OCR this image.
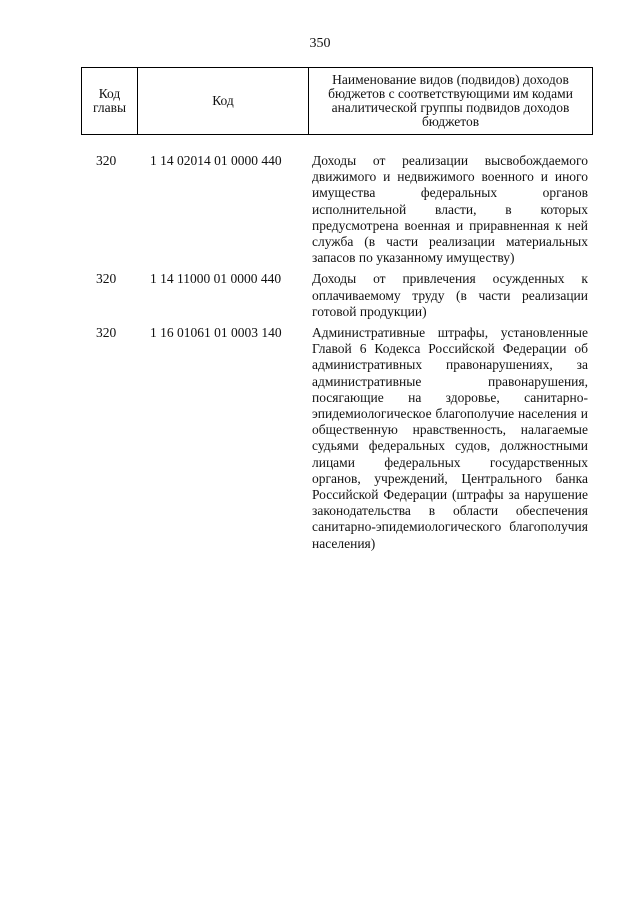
350
Код главы	Код	Наименование видов (подвидов) доходов бюджетов с соответствующими им кодами аналитической группы подвидов доходов бюджетов
320	1 14 02014 01 0000 440	Доходы от реализации высвобождаемого движимого и недвижимого военного и иного имущества федеральных органов исполнительной власти, в которых предусмотрена военная и приравненная к ней служба (в части реализации материальных запасов по указанному имуществу)
320	1 14 11000 01 0000 440	Доходы от привлечения осужденных к оплачиваемому труду (в части реализации готовой продукции)
320	1 16 01061 01 0003 140	Административные штрафы, установленные Главой 6 Кодекса Российской Федерации об административных правонарушениях, за административные правонарушения, посягающие на здоровье, санитарно-эпидемиологическое благополучие населения и общественную нравственность, налагаемые судьями федеральных судов, должностными лицами федеральных государственных органов, учреждений, Центрального банка Российской Федерации (штрафы за нарушение законодательства в области обеспечения санитарно-эпидемиологического благополучия населения)
